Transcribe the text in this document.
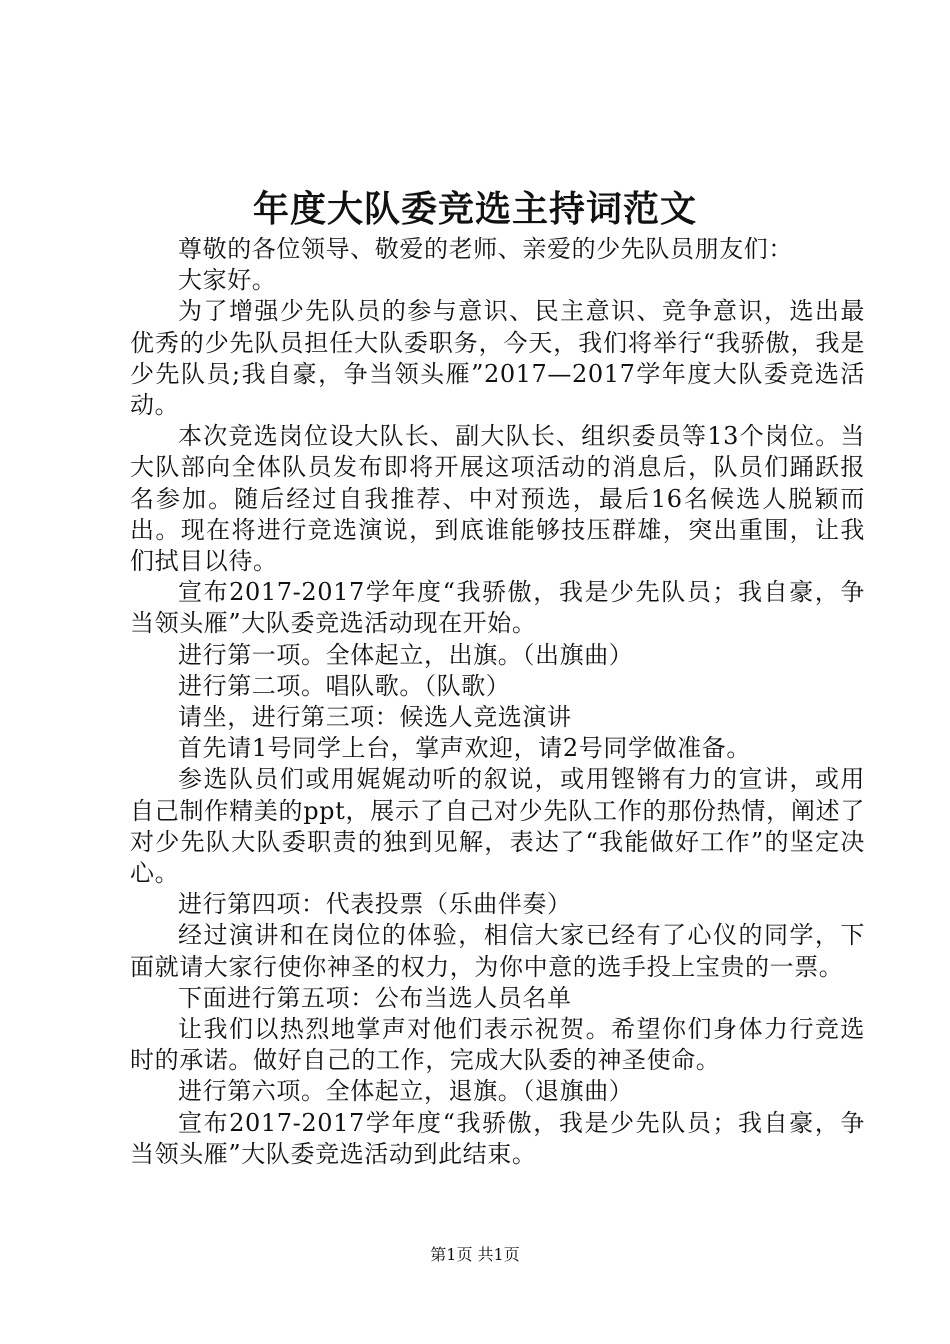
年度大队委竞选主持词范文

尊敬的各位领导、敬爱的老师、亲爱的少先队员朋友们：

大家好。

为了增强少先队员的参与意识、民主意识、竞争意识，选出最优秀的少先队员担任大队委职务，今天，我们将举行“我骄傲，我是少先队员;我自豪，争当领头雁”2017—2017学年度大队委竞选活动。

本次竞选岗位设大队长、副大队长、组织委员等13个岗位。当大队部向全体队员发布即将开展这项活动的消息后，队员们踊跃报名参加。随后经过自我推荐、中对预选，最后16名候选人脱颖而出。现在将进行竞选演说，到底谁能够技压群雄，突出重围，让我们拭目以待。

宣布2017-2017学年度“我骄傲，我是少先队员；我自豪，争当领头雁”大队委竞选活动现在开始。

进行第一项。全体起立，出旗。（出旗曲）

进行第二项。唱队歌。（队歌）

请坐，进行第三项：候选人竞选演讲

首先请1号同学上台，掌声欢迎，请2号同学做准备。

参选队员们或用娓娓动听的叙说，或用铿锵有力的宣讲，或用自己制作精美的ppt，展示了自己对少先队工作的那份热情，阐述了对少先队大队委职责的独到见解，表达了“我能做好工作”的坚定决心。

进行第四项：代表投票（乐曲伴奏）

经过演讲和在岗位的体验，相信大家已经有了心仪的同学，下面就请大家行使你神圣的权力，为你中意的选手投上宝贵的一票。

下面进行第五项：公布当选人员名单

让我们以热烈地掌声对他们表示祝贺。希望你们身体力行竞选时的承诺。做好自己的工作，完成大队委的神圣使命。

进行第六项。全体起立，退旗。（退旗曲）

宣布2017-2017学年度“我骄傲，我是少先队员；我自豪，争当领头雁”大队委竞选活动到此结束。

第1页 共1页
